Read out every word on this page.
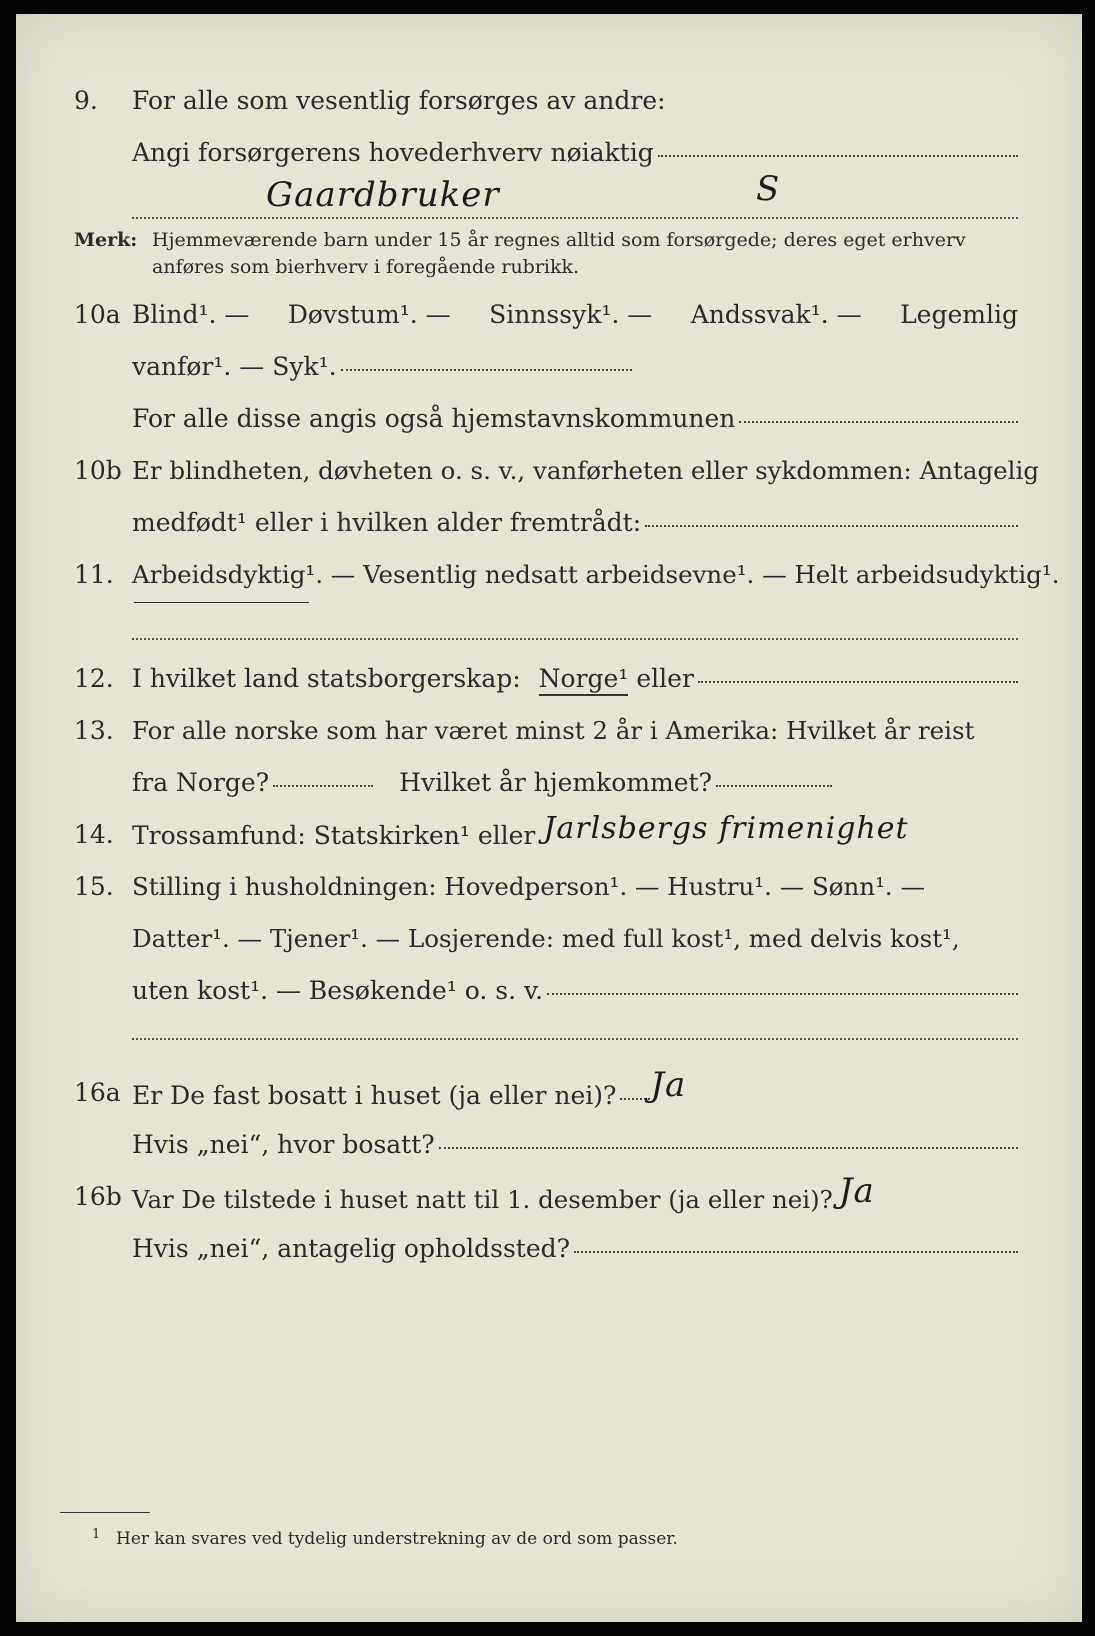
9. For alle som vesentlig forsørges av andre:
Angi forsørgerens hovederhverv nøiaktig
Gaardbruker	S
Merk: Hjemmeværende barn under 15 år regnes alltid som forsørgede; deres eget erhverv
anføres som bierhverv i foregående rubrikk.
10a Blind¹. — Døvstum¹. — Sinnssyk¹. — Andssvak¹. — Legemlig
vanfør¹. — Syk¹.
For alle disse angis også hjemstavnskommunen
10b Er blindheten, døvheten o. s. v., vanførheten eller sykdommen: Antagelig
medfødt¹ eller i hvilken alder fremtrådt:
11. Arbeidsdyktig¹. — Vesentlig nedsatt arbeidsevne¹. — Helt arbeidsudyktig¹.
12. I hvilket land statsborgerskap: Norge¹ eller
13. For alle norske som har været minst 2 år i Amerika: Hvilket år reist
fra Norge?	Hvilket år hjemkommet?
14. Trossamfund: Statskirken¹ eller Jarlsbergs frimenighet
15. Stilling i husholdningen: Hovedperson¹. — Hustru¹. — Sønn¹. —
Datter¹. — Tjener¹. — Losjerende: med full kost¹, med delvis kost¹,
uten kost¹. — Besøkende¹ o. s. v.
16a Er De fast bosatt i huset (ja eller nei)? Ja
Hvis „nei“, hvor bosatt?
16b Var De tilstede i huset natt til 1. desember (ja eller nei)? Ja
Hvis „nei“, antagelig opholdssted?
1 Her kan svares ved tydelig understrekning av de ord som passer.
